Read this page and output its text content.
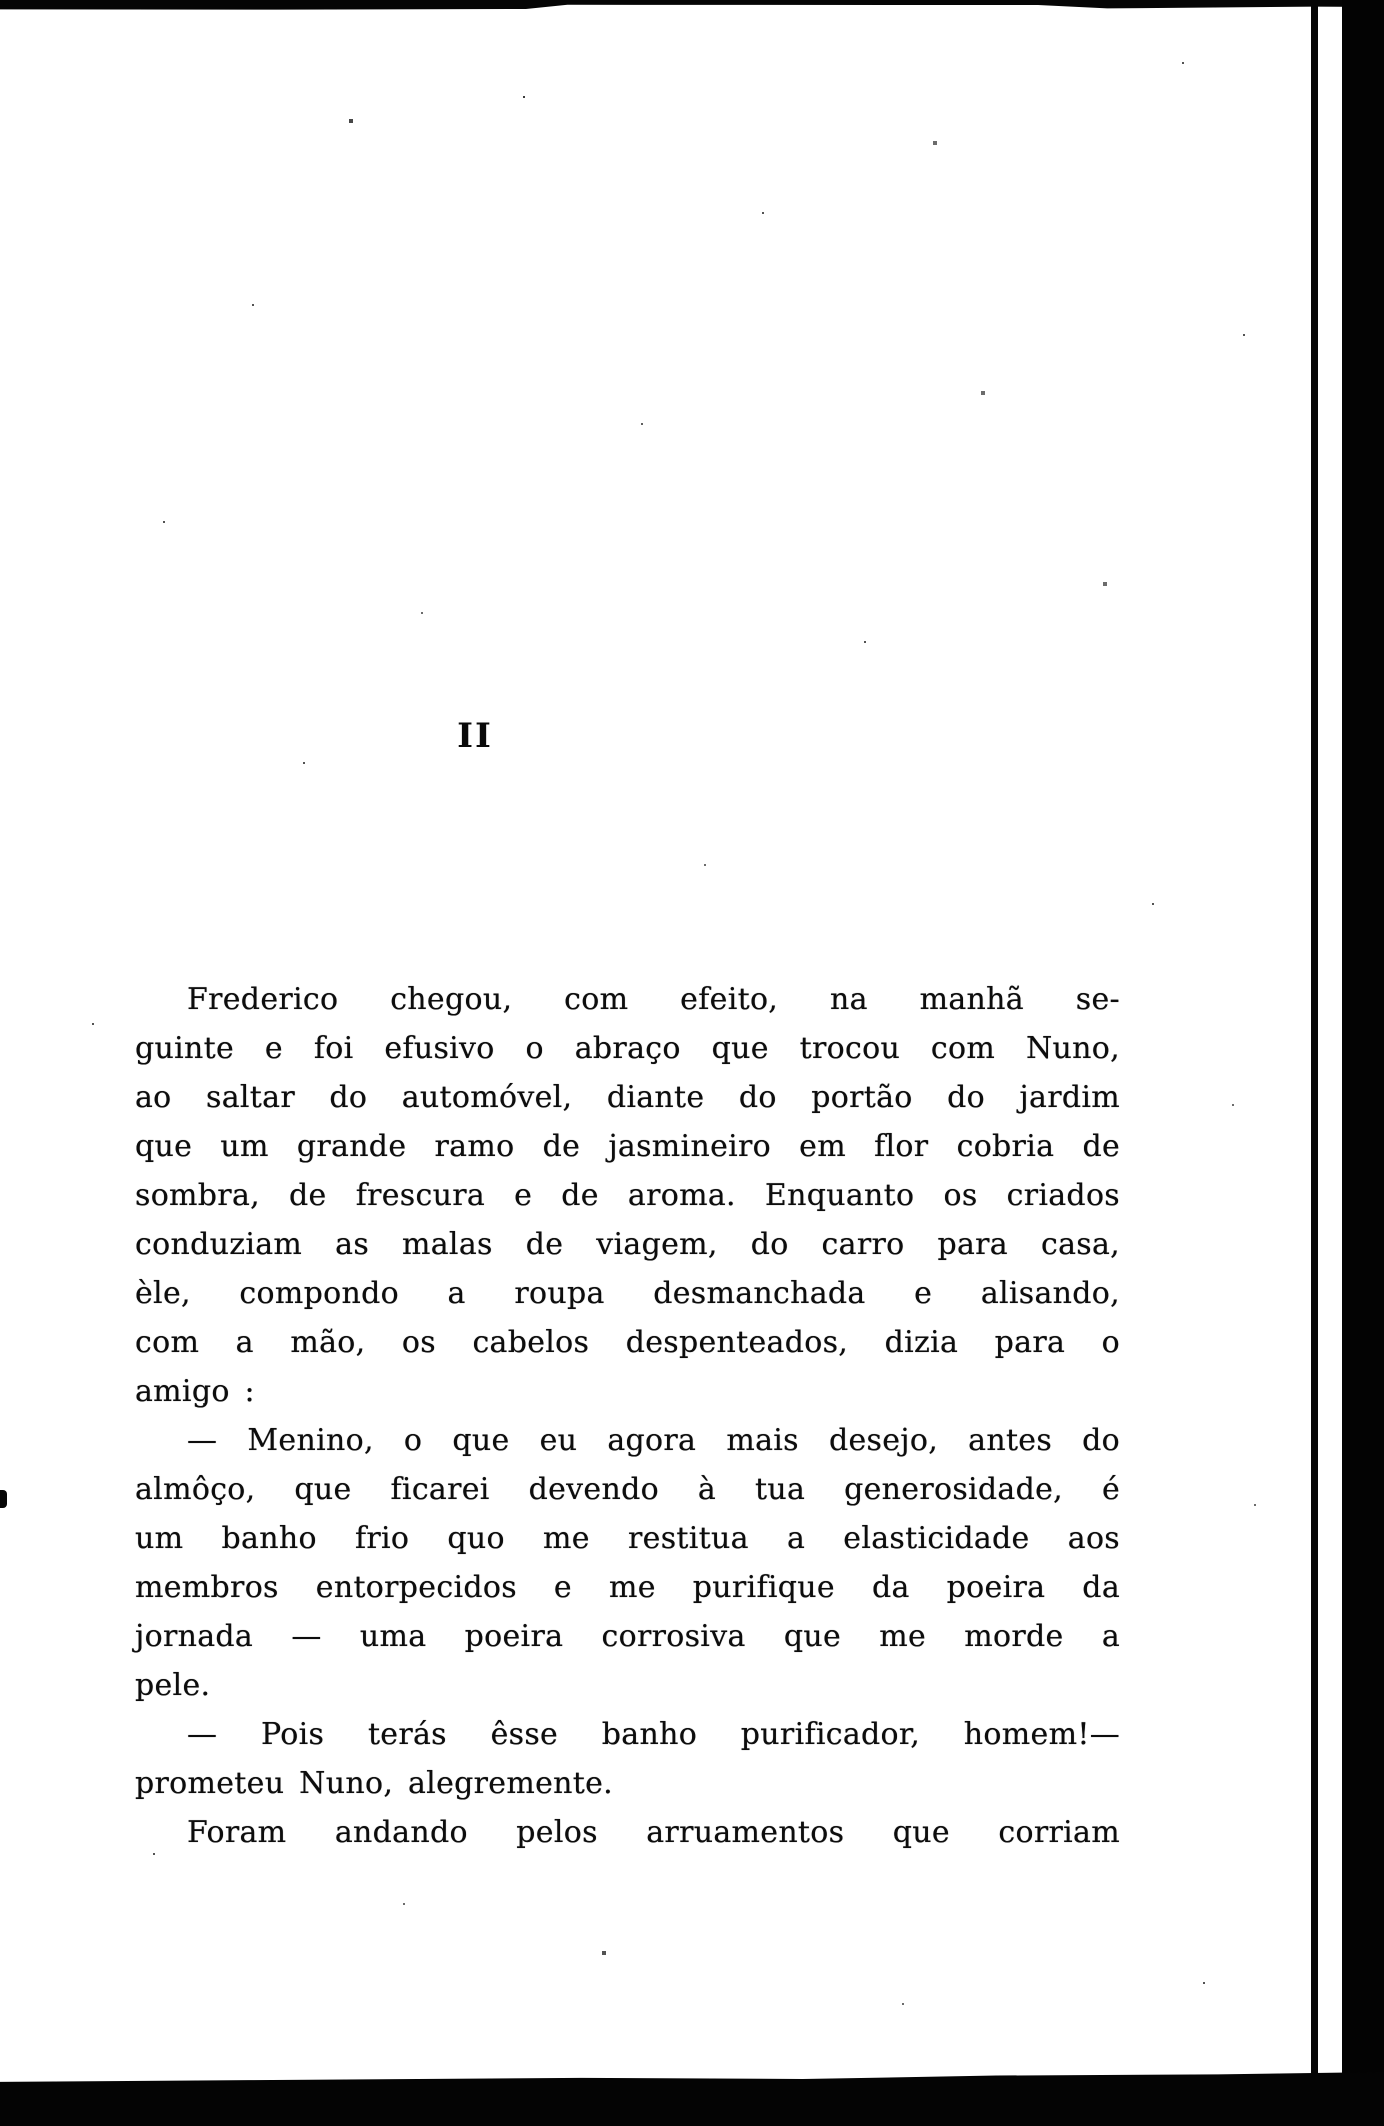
II
Frederico chegou, com efeito, na manhã se-
guinte e foi efusivo o abraço que trocou com Nuno,
ao saltar do automóvel, diante do portão do jardim
que um grande ramo de jasmineiro em flor cobria de
sombra, de frescura e de aroma. Enquanto os criados
conduziam as malas de viagem, do carro para casa,
èle, compondo a roupa desmanchada e alisando,
com a mão, os cabelos despenteados, dizia para o
amigo :
— Menino, o que eu agora mais desejo, antes do
almôço, que ficarei devendo à tua generosidade, é
um banho frio quo me restitua a elasticidade aos
membros entorpecidos e me purifique da poeira da
jornada — uma poeira corrosiva que me morde a
pele.
— Pois terás êsse banho purificador, homem!—
prometeu Nuno, alegremente.
Foram andando pelos arruamentos que corriam
